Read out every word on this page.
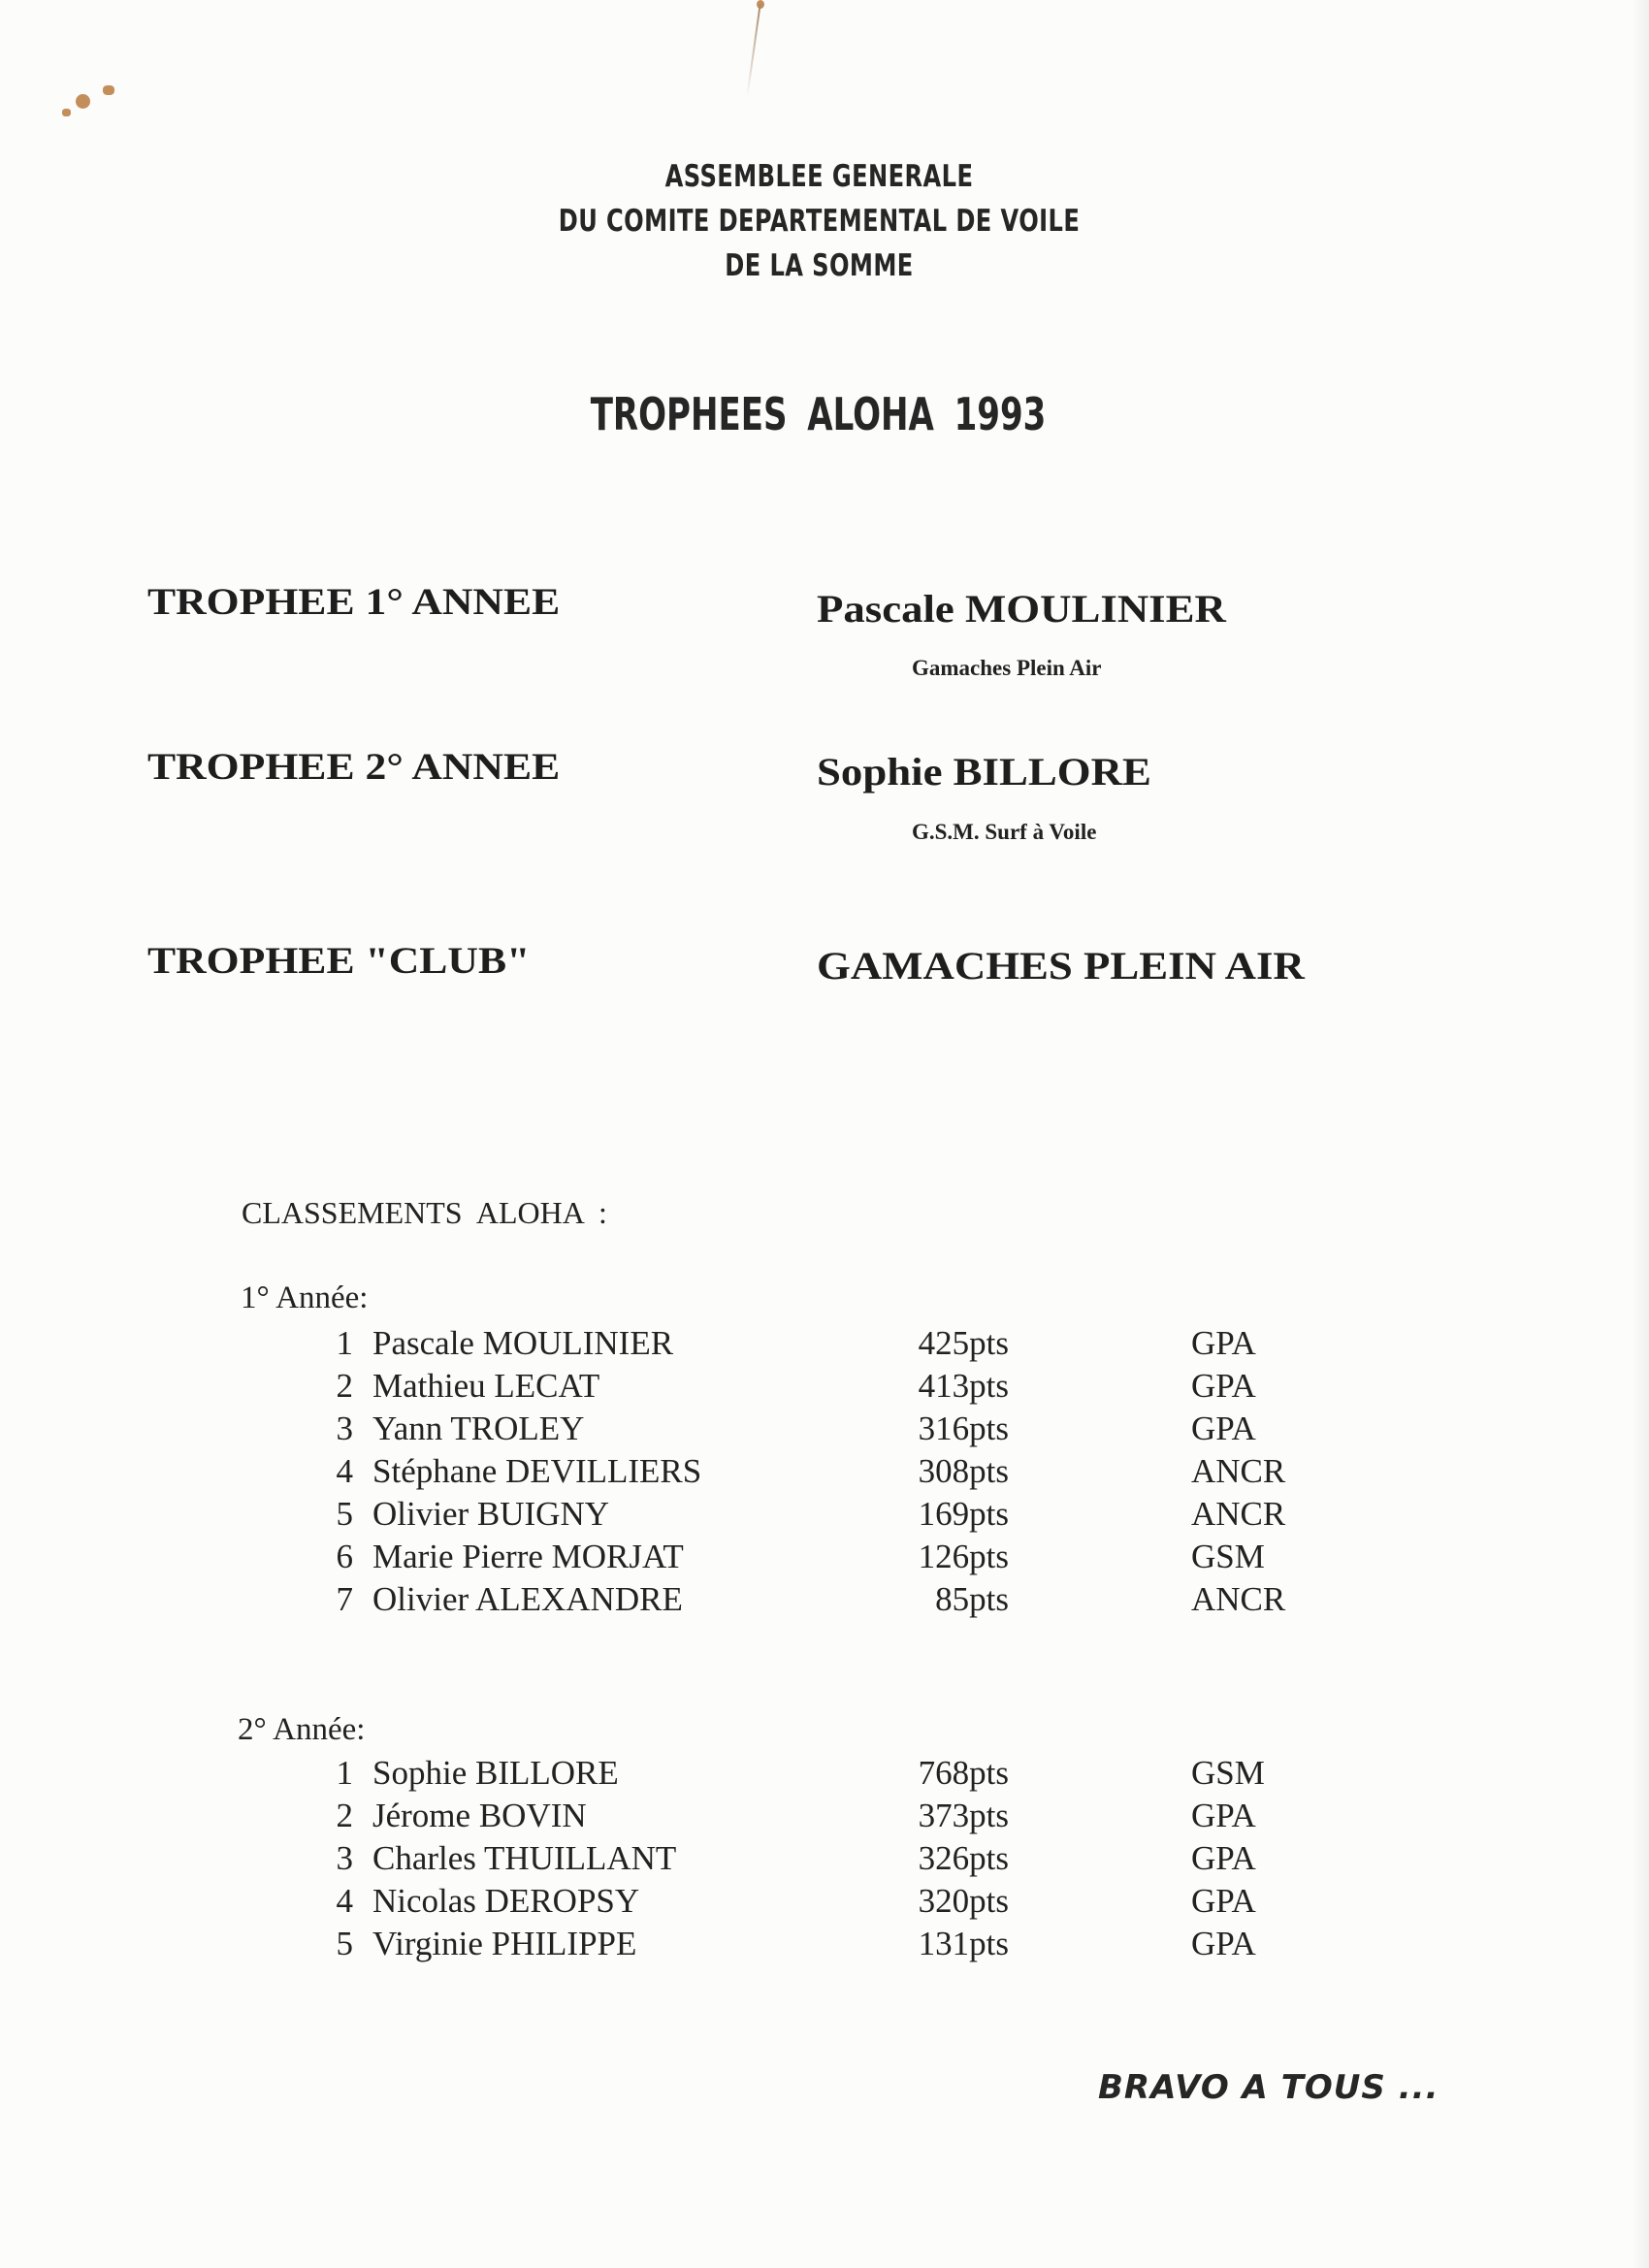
ASSEMBLEE GENERALE
DU COMITE DEPARTEMENTAL DE VOILE
DE LA SOMME
TROPHEES ALOHA 1993
TROPHEE 1° ANNEE	Pascale MOULINIER
Gamaches Plein Air
TROPHEE 2° ANNEE	Sophie BILLORE
G.S.M. Surf à Voile
TROPHEE "CLUB"	GAMACHES PLEIN AIR
CLASSEMENTS ALOHA :
1° Année:
1 Pascale MOULINIER	425pts	GPA
2 Mathieu LECAT	413pts	GPA
3 Yann TROLEY	316pts	GPA
4 Stéphane DEVILLIERS	308pts	ANCR
5 Olivier BUIGNY	169pts	ANCR
6 Marie Pierre MORJAT	126pts	GSM
7 Olivier ALEXANDRE	85pts	ANCR
2° Année:
1 Sophie BILLORE	768pts	GSM
2 Jérome BOVIN	373pts	GPA
3 Charles THUILLANT	326pts	GPA
4 Nicolas DEROPSY	320pts	GPA
5 Virginie PHILIPPE	131pts	GPA
BRAVO A TOUS ...
